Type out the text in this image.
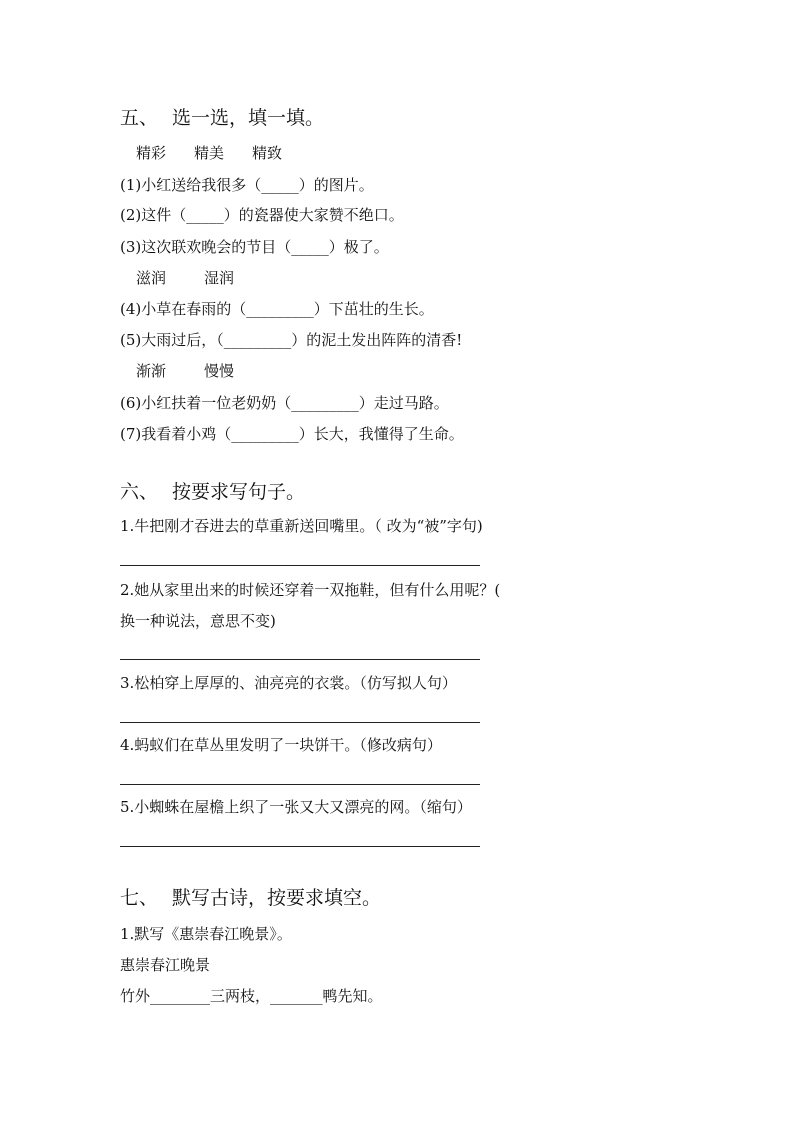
五、 选一选，填一填。
精彩 精美 精致
(1)小红送给我很多（_____）的图片。
(2)这件（_____）的瓷器使大家赞不绝口。
(3)这次联欢晚会的节目（_____）极了。
滋润	湿润
(4)小草在春雨的（_________）下茁壮的生长。
(5)大雨过后，（_________）的泥土发出阵阵的清香!
渐渐	慢慢
(6)小红扶着一位老奶奶（_________）走过马路。
(7)我看着小鸡（_________）长大，我懂得了生命。
六、 按要求写句子。
1.牛把刚才吞进去的草重新送回嘴里。（ 改为“被”字句)
2.她从家里出来的时候还穿着一双拖鞋，但有什么用呢？(
换一种说法，意思不变)
3.松柏穿上厚厚的、油亮亮的衣裳。（仿写拟人句）
4.蚂蚁们在草丛里发明了一块饼干。（修改病句）
5.小蜘蛛在屋檐上织了一张又大又漂亮的网。（缩句）
七、 默写古诗，按要求填空。
1.默写《惠崇春江晚景》。
惠崇春江晚景
竹外________三两枝，_______鸭先知。
